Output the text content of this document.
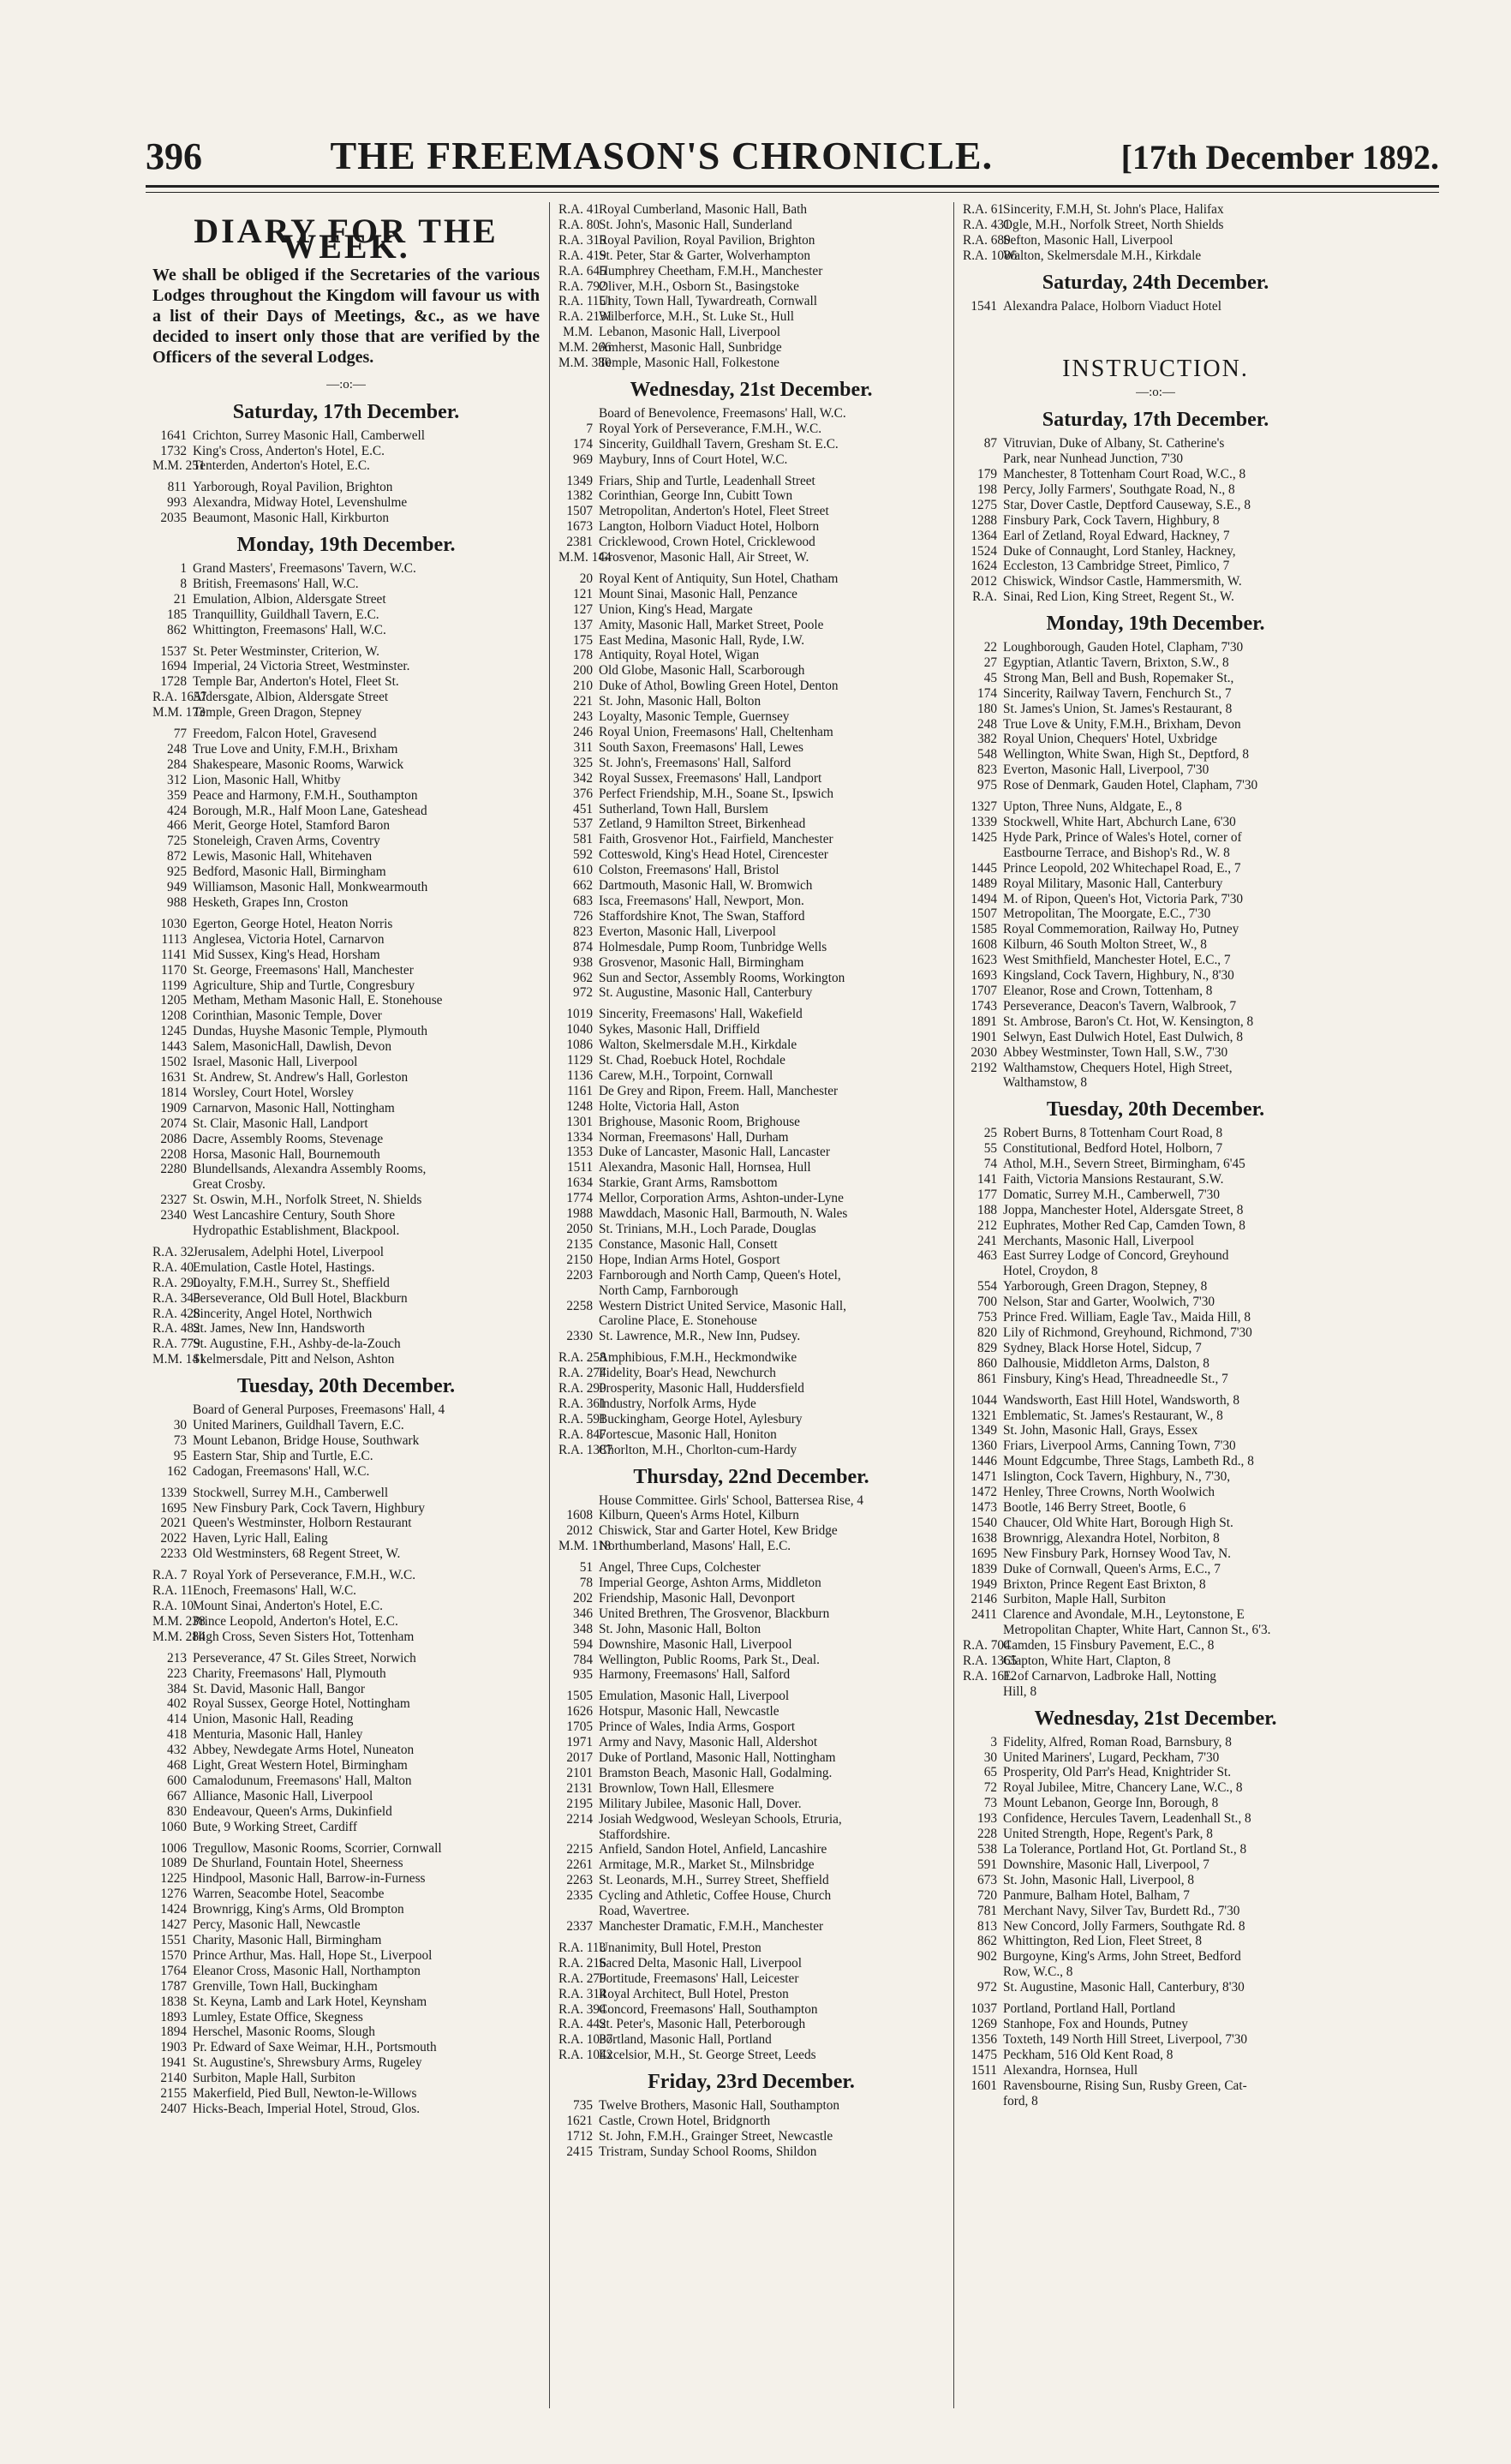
396	THE FREEMASON'S CHRONICLE.	[17th December 1892.
DIARY FOR THE WEEK.
We shall be obliged if the Secretaries of the various Lodges throughout the Kingdom will favour us with a list of their Days of Meetings, &c., as we have decided to insert only those that are verified by the Officers of the several Lodges.
—:o:—
Saturday, 17th December.
1641 Crichton, Surrey Masonic Hall, Camberwell
1732 King's Cross, Anderton's Hotel, E.C.
M.M. 251Tenterden, Anderton's Hotel, E.C.
811 Yarborough, Royal Pavilion, Brighton
993 Alexandra, Midway Hotel, Levenshulme
2035 Beaumont, Masonic Hall, Kirkburton
Monday, 19th December.
1 Grand Masters', Freemasons' Tavern, W.C.
8 British, Freemasons' Hall, W.C.
21 Emulation, Albion, Aldersgate Street
185 Tranquillity, Guildhall Tavern, E.C.
862 Whittington, Freemasons' Hall, W.C.
1537 St. Peter Westminster, Criterion, W.
1694 Imperial, 24 Victoria Street, Westminster.
1728 Temple Bar, Anderton's Hotel, Fleet St.
R.A. 1657Aldersgate, Albion, Aldersgate Street
M.M. 173Temple, Green Dragon, Stepney
77 Freedom, Falcon Hotel, Gravesend
248 True Love and Unity, F.M.H., Brixham
284 Shakespeare, Masonic Rooms, Warwick
312 Lion, Masonic Hall, Whitby
359 Peace and Harmony, F.M.H., Southampton
424 Borough, M.R., Half Moon Lane, Gateshead
466 Merit, George Hotel, Stamford Baron
725 Stoneleigh, Craven Arms, Coventry
872 Lewis, Masonic Hall, Whitehaven
925 Bedford, Masonic Hall, Birmingham
949 Williamson, Masonic Hall, Monkwearmouth
988 Hesketh, Grapes Inn, Croston
1030 Egerton, George Hotel, Heaton Norris
1113 Anglesea, Victoria Hotel, Carnarvon
1141 Mid Sussex, King's Head, Horsham
1170 St. George, Freemasons' Hall, Manchester
1199 Agriculture, Ship and Turtle, Congresbury
1205 Metham, Metham Masonic Hall, E. Stonehouse
1208 Corinthian, Masonic Temple, Dover
1245 Dundas, Huyshe Masonic Temple, Plymouth
1443 Salem, MasonicHall, Dawlish, Devon
1502 Israel, Masonic Hall, Liverpool
1631 St. Andrew, St. Andrew's Hall, Gorleston
1814 Worsley, Court Hotel, Worsley
1909 Carnarvon, Masonic Hall, Nottingham
2074 St. Clair, Masonic Hall, Landport
2086 Dacre, Assembly Rooms, Stevenage
2208 Horsa, Masonic Hall, Bournemouth
2280 Blundellsands, Alexandra Assembly Rooms,
Great Crosby.
2327 St. Oswin, M.H., Norfolk Street, N. Shields
2340 West Lancashire Century, South Shore
Hydropathic Establishment, Blackpool.
R.A. 32Jerusalem, Adelphi Hotel, Liverpool
R.A. 40Emulation, Castle Hotel, Hastings.
R.A. 290Loyalty, F.M.H., Surrey St., Sheffield
R.A. 345Perseverance, Old Bull Hotel, Blackburn
R.A. 428Sincerity, Angel Hotel, Northwich
R.A. 482St. James, New Inn, Handsworth
R.A. 779St. Augustine, F.H., Ashby-de-la-Zouch
M.M. 141Skelmersdale, Pitt and Nelson, Ashton
Tuesday, 20th December.
Board of General Purposes, Freemasons' Hall, 4
30 United Mariners, Guildhall Tavern, E.C.
73 Mount Lebanon, Bridge House, Southwark
95 Eastern Star, Ship and Turtle, E.C.
162 Cadogan, Freemasons' Hall, W.C.
1339 Stockwell, Surrey M.H., Camberwell
1695 New Finsbury Park, Cock Tavern, Highbury
2021 Queen's Westminster, Holborn Restaurant
2022 Haven, Lyric Hall, Ealing
2233 Old Westminsters, 68 Regent Street, W.
R.A. 7 Royal York of Perseverance, F.M.H., W.C.
R.A. 11Enoch, Freemasons' Hall, W.C.
R.A. 10Mount Sinai, Anderton's Hotel, E.C.
M.M. 238Prince Leopold, Anderton's Hotel, E.C.
M.M. 284High Cross, Seven Sisters Hot, Tottenham
213 Perseverance, 47 St. Giles Street, Norwich
223 Charity, Freemasons' Hall, Plymouth
384 St. David, Masonic Hall, Bangor
402 Royal Sussex, George Hotel, Nottingham
414 Union, Masonic Hall, Reading
418 Menturia, Masonic Hall, Hanley
432 Abbey, Newdegate Arms Hotel, Nuneaton
468 Light, Great Western Hotel, Birmingham
600 Camalodunum, Freemasons' Hall, Malton
667 Alliance, Masonic Hall, Liverpool
830 Endeavour, Queen's Arms, Dukinfield
1060 Bute, 9 Working Street, Cardiff
1006 Tregullow, Masonic Rooms, Scorrier, Cornwall
1089 De Shurland, Fountain Hotel, Sheerness
1225 Hindpool, Masonic Hall, Barrow-in-Furness
1276 Warren, Seacombe Hotel, Seacombe
1424 Brownrigg, King's Arms, Old Brompton
1427 Percy, Masonic Hall, Newcastle
1551 Charity, Masonic Hall, Birmingham
1570 Prince Arthur, Mas. Hall, Hope St., Liverpool
1764 Eleanor Cross, Masonic Hall, Northampton
1787 Grenville, Town Hall, Buckingham
1838 St. Keyna, Lamb and Lark Hotel, Keynsham
1893 Lumley, Estate Office, Skegness
1894 Herschel, Masonic Rooms, Slough
1903 Pr. Edward of Saxe Weimar, H.H., Portsmouth
1941 St. Augustine's, Shrewsbury Arms, Rugeley
2140 Surbiton, Maple Hall, Surbiton
2155 Makerfield, Pied Bull, Newton-le-Willows
2407 Hicks-Beach, Imperial Hotel, Stroud, Glos.
R.A. 41Royal Cumberland, Masonic Hall, Bath
R.A. 80St. John's, Masonic Hall, Sunderland
R.A. 315Royal Pavilion, Royal Pavilion, Brighton
R.A. 419St. Peter, Star & Garter, Wolverhampton
R.A. 645Humphrey Cheetham, F.M.H., Manchester
R.A. 792Oliver, M.H., Osborn St., Basingstoke
R.A. 1151Unity, Town Hall, Tywardreath, Cornwall
R.A. 2131Wilberforce, M.H., St. Luke St., Hull
M.M. Lebanon, Masonic Hall, Liverpool
M.M. 266Amherst, Masonic Hall, Sunbridge
M.M. 380Temple, Masonic Hall, Folkestone
Wednesday, 21st December.
Board of Benevolence, Freemasons' Hall, W.C.
7 Royal York of Perseverance, F.M.H., W.C.
174 Sincerity, Guildhall Tavern, Gresham St. E.C.
969 Maybury, Inns of Court Hotel, W.C.
1349 Friars, Ship and Turtle, Leadenhall Street
1382 Corinthian, George Inn, Cubitt Town
1507 Metropolitan, Anderton's Hotel, Fleet Street
1673 Langton, Holborn Viaduct Hotel, Holborn
2381 Cricklewood, Crown Hotel, Cricklewood
M.M. 144Grosvenor, Masonic Hall, Air Street, W.
20 Royal Kent of Antiquity, Sun Hotel, Chatham
121 Mount Sinai, Masonic Hall, Penzance
127 Union, King's Head, Margate
137 Amity, Masonic Hall, Market Street, Poole
175 East Medina, Masonic Hall, Ryde, I.W.
178 Antiquity, Royal Hotel, Wigan
200 Old Globe, Masonic Hall, Scarborough
210 Duke of Athol, Bowling Green Hotel, Denton
221 St. John, Masonic Hall, Bolton
243 Loyalty, Masonic Temple, Guernsey
246 Royal Union, Freemasons' Hall, Cheltenham
311 South Saxon, Freemasons' Hall, Lewes
325 St. John's, Freemasons' Hall, Salford
342 Royal Sussex, Freemasons' Hall, Landport
376 Perfect Friendship, M.H., Soane St., Ipswich
451 Sutherland, Town Hall, Burslem
537 Zetland, 9 Hamilton Street, Birkenhead
581 Faith, Grosvenor Hot., Fairfield, Manchester
592 Cotteswold, King's Head Hotel, Cirencester
610 Colston, Freemasons' Hall, Bristol
662 Dartmouth, Masonic Hall, W. Bromwich
683 Isca, Freemasons' Hall, Newport, Mon.
726 Staffordshire Knot, The Swan, Stafford
823 Everton, Masonic Hall, Liverpool
874 Holmesdale, Pump Room, Tunbridge Wells
938 Grosvenor, Masonic Hall, Birmingham
962 Sun and Sector, Assembly Rooms, Workington
972 St. Augustine, Masonic Hall, Canterbury
1019 Sincerity, Freemasons' Hall, Wakefield
1040 Sykes, Masonic Hall, Driffield
1086 Walton, Skelmersdale M.H., Kirkdale
1129 St. Chad, Roebuck Hotel, Rochdale
1136 Carew, M.H., Torpoint, Cornwall
1161 De Grey and Ripon, Freem. Hall, Manchester
1248 Holte, Victoria Hall, Aston
1301 Brighouse, Masonic Room, Brighouse
1334 Norman, Freemasons' Hall, Durham
1353 Duke of Lancaster, Masonic Hall, Lancaster
1511 Alexandra, Masonic Hall, Hornsea, Hull
1634 Starkie, Grant Arms, Ramsbottom
1774 Mellor, Corporation Arms, Ashton-under-Lyne
1988 Mawddach, Masonic Hall, Barmouth, N. Wales
2050 St. Trinians, M.H., Loch Parade, Douglas
2135 Constance, Masonic Hall, Consett
2150 Hope, Indian Arms Hotel, Gosport
2203 Farnborough and North Camp, Queen's Hotel,
North Camp, Farnborough
2258 Western District United Service, Masonic Hall,
Caroline Place, E. Stonehouse
2330 St. Lawrence, M.R., New Inn, Pudsey.
R.A. 258Amphibious, F.M.H., Heckmondwike
R.A. 274Fidelity, Boar's Head, Newchurch
R.A. 290Prosperity, Masonic Hall, Huddersfield
R.A. 361Industry, Norfolk Arms, Hyde
R.A. 591Buckingham, George Hotel, Aylesbury
R.A. 847Fortescue, Masonic Hall, Honiton
R.A. 1387Chorlton, M.H., Chorlton-cum-Hardy
Thursday, 22nd December.
House Committee. Girls' School, Battersea Rise, 4
1608 Kilburn, Queen's Arms Hotel, Kilburn
2012 Chiswick, Star and Garter Hotel, Kew Bridge
M.M. 118Northumberland, Masons' Hall, E.C.
51 Angel, Three Cups, Colchester
78 Imperial George, Ashton Arms, Middleton
202 Friendship, Masonic Hall, Devonport
346 United Brethren, The Grosvenor, Blackburn
348 St. John, Masonic Hall, Bolton
594 Downshire, Masonic Hall, Liverpool
784 Wellington, Public Rooms, Park St., Deal.
935 Harmony, Freemasons' Hall, Salford
1505 Emulation, Masonic Hall, Liverpool
1626 Hotspur, Masonic Hall, Newcastle
1705 Prince of Wales, India Arms, Gosport
1971 Army and Navy, Masonic Hall, Aldershot
2017 Duke of Portland, Masonic Hall, Nottingham
2101 Bramston Beach, Masonic Hall, Godalming.
2131 Brownlow, Town Hall, Ellesmere
2195 Military Jubilee, Masonic Hall, Dover.
2214 Josiah Wedgwood, Wesleyan Schools, Etruria,
Staffordshire.
2215 Anfield, Sandon Hotel, Anfield, Lancashire
2261 Armitage, M.R., Market St., Milnsbridge
2263 St. Leonards, M.H., Surrey Street, Sheffield
2335 Cycling and Athletic, Coffee House, Church
Road, Wavertree.
2337 Manchester Dramatic, F.M.H., Manchester
R.A. 113Unanimity, Bull Hotel, Preston
R.A. 216Sacred Delta, Masonic Hall, Liverpool
R.A. 279Fortitude, Freemasons' Hall, Leicester
R.A. 314Royal Architect, Bull Hotel, Preston
R.A. 394Concord, Freemasons' Hall, Southampton
R.A. 442St. Peter's, Masonic Hall, Peterborough
R.A. 1037Portland, Masonic Hall, Portland
R.A. 1042Excelsior, M.H., St. George Street, Leeds
Friday, 23rd December.
735 Twelve Brothers, Masonic Hall, Southampton
1621 Castle, Crown Hotel, Bridgnorth
1712 St. John, F.M.H., Grainger Street, Newcastle
2415 Tristram, Sunday School Rooms, Shildon
R.A. 61Sincerity, F.M.H, St. John's Place, Halifax
R.A. 431Ogle, M.H., Norfolk Street, North Shields
R.A. 680Sefton, Masonic Hall, Liverpool
R.A. 1086Walton, Skelmersdale M.H., Kirkdale
Saturday, 24th December.
1541 Alexandra Palace, Holborn Viaduct Hotel
INSTRUCTION.
—:o:—
Saturday, 17th December.
87 Vitruvian, Duke of Albany, St. Catherine's
Park, near Nunhead Junction, 7'30
179 Manchester, 8 Tottenham Court Road, W.C., 8
198 Percy, Jolly Farmers', Southgate Road, N., 8
1275 Star, Dover Castle, Deptford Causeway, S.E., 8
1288 Finsbury Park, Cock Tavern, Highbury, 8
1364 Earl of Zetland, Royal Edward, Hackney, 7
1524 Duke of Connaught, Lord Stanley, Hackney,
1624 Eccleston, 13 Cambridge Street, Pimlico, 7
2012 Chiswick, Windsor Castle, Hammersmith, W.
R.A. Sinai, Red Lion, King Street, Regent St., W.
Monday, 19th December.
22 Loughborough, Gauden Hotel, Clapham, 7'30
27 Egyptian, Atlantic Tavern, Brixton, S.W., 8
45 Strong Man, Bell and Bush, Ropemaker St.,
174 Sincerity, Railway Tavern, Fenchurch St., 7
180 St. James's Union, St. James's Restaurant, 8
248 True Love & Unity, F.M.H., Brixham, Devon
382 Royal Union, Chequers' Hotel, Uxbridge
548 Wellington, White Swan, High St., Deptford, 8
823 Everton, Masonic Hall, Liverpool, 7'30
975 Rose of Denmark, Gauden Hotel, Clapham, 7'30
1327 Upton, Three Nuns, Aldgate, E., 8
1339 Stockwell, White Hart, Abchurch Lane, 6'30
1425 Hyde Park, Prince of Wales's Hotel, corner of
Eastbourne Terrace, and Bishop's Rd., W. 8
1445 Prince Leopold, 202 Whitechapel Road, E., 7
1489 Royal Military, Masonic Hall, Canterbury
1494 M. of Ripon, Queen's Hot, Victoria Park, 7'30
1507 Metropolitan, The Moorgate, E.C., 7'30
1585 Royal Commemoration, Railway Ho, Putney
1608 Kilburn, 46 South Molton Street, W., 8
1623 West Smithfield, Manchester Hotel, E.C., 7
1693 Kingsland, Cock Tavern, Highbury, N., 8'30
1707 Eleanor, Rose and Crown, Tottenham, 8
1743 Perseverance, Deacon's Tavern, Walbrook, 7
1891 St. Ambrose, Baron's Ct. Hot, W. Kensington, 8
1901 Selwyn, East Dulwich Hotel, East Dulwich, 8
2030 Abbey Westminster, Town Hall, S.W., 7'30
2192 Walthamstow, Chequers Hotel, High Street,
Walthamstow, 8
Tuesday, 20th December.
25 Robert Burns, 8 Tottenham Court Road, 8
55 Constitutional, Bedford Hotel, Holborn, 7
74 Athol, M.H., Severn Street, Birmingham, 6'45
141 Faith, Victoria Mansions Restaurant, S.W.
177 Domatic, Surrey M.H., Camberwell, 7'30
188 Joppa, Manchester Hotel, Aldersgate Street, 8
212 Euphrates, Mother Red Cap, Camden Town, 8
241 Merchants, Masonic Hall, Liverpool
463 East Surrey Lodge of Concord, Greyhound
Hotel, Croydon, 8
554 Yarborough, Green Dragon, Stepney, 8
700 Nelson, Star and Garter, Woolwich, 7'30
753 Prince Fred. William, Eagle Tav., Maida Hill, 8
820 Lily of Richmond, Greyhound, Richmond, 7'30
829 Sydney, Black Horse Hotel, Sidcup, 7
860 Dalhousie, Middleton Arms, Dalston, 8
861 Finsbury, King's Head, Threadneedle St., 7
1044 Wandsworth, East Hill Hotel, Wandsworth, 8
1321 Emblematic, St. James's Restaurant, W., 8
1349 St. John, Masonic Hall, Grays, Essex
1360 Friars, Liverpool Arms, Canning Town, 7'30
1446 Mount Edgcumbe, Three Stags, Lambeth Rd., 8
1471 Islington, Cock Tavern, Highbury, N., 7'30,
1472 Henley, Three Crowns, North Woolwich
1473 Bootle, 146 Berry Street, Bootle, 6
1540 Chaucer, Old White Hart, Borough High St.
1638 Brownrigg, Alexandra Hotel, Norbiton, 8
1695 New Finsbury Park, Hornsey Wood Tav, N.
1839 Duke of Cornwall, Queen's Arms, E.C., 7
1949 Brixton, Prince Regent East Brixton, 8
2146 Surbiton, Maple Hall, Surbiton
2411 Clarence and Avondale, M.H., Leytonstone, E
Metropolitan Chapter, White Hart, Cannon St., 6'3.
R.A. 704Camden, 15 Finsbury Pavement, E.C., 8
R.A. 1365Clapton, White Hart, Clapton, 8
R.A. 1612E. of Carnarvon, Ladbroke Hall, Notting
Hill, 8
Wednesday, 21st December.
3 Fidelity, Alfred, Roman Road, Barnsbury, 8
30 United Mariners', Lugard, Peckham, 7'30
65 Prosperity, Old Parr's Head, Knightrider St.
72 Royal Jubilee, Mitre, Chancery Lane, W.C., 8
73 Mount Lebanon, George Inn, Borough, 8
193 Confidence, Hercules Tavern, Leadenhall St., 8
228 United Strength, Hope, Regent's Park, 8
538 La Tolerance, Portland Hot, Gt. Portland St., 8
591 Downshire, Masonic Hall, Liverpool, 7
673 St. John, Masonic Hall, Liverpool, 8
720 Panmure, Balham Hotel, Balham, 7
781 Merchant Navy, Silver Tav, Burdett Rd., 7'30
813 New Concord, Jolly Farmers, Southgate Rd. 8
862 Whittington, Red Lion, Fleet Street, 8
902 Burgoyne, King's Arms, John Street, Bedford
Row, W.C., 8
972 St. Augustine, Masonic Hall, Canterbury, 8'30
1037 Portland, Portland Hall, Portland
1269 Stanhope, Fox and Hounds, Putney
1356 Toxteth, 149 North Hill Street, Liverpool, 7'30
1475 Peckham, 516 Old Kent Road, 8
1511 Alexandra, Hornsea, Hull
1601 Ravensbourne, Rising Sun, Rusby Green, Cat-
ford, 8
